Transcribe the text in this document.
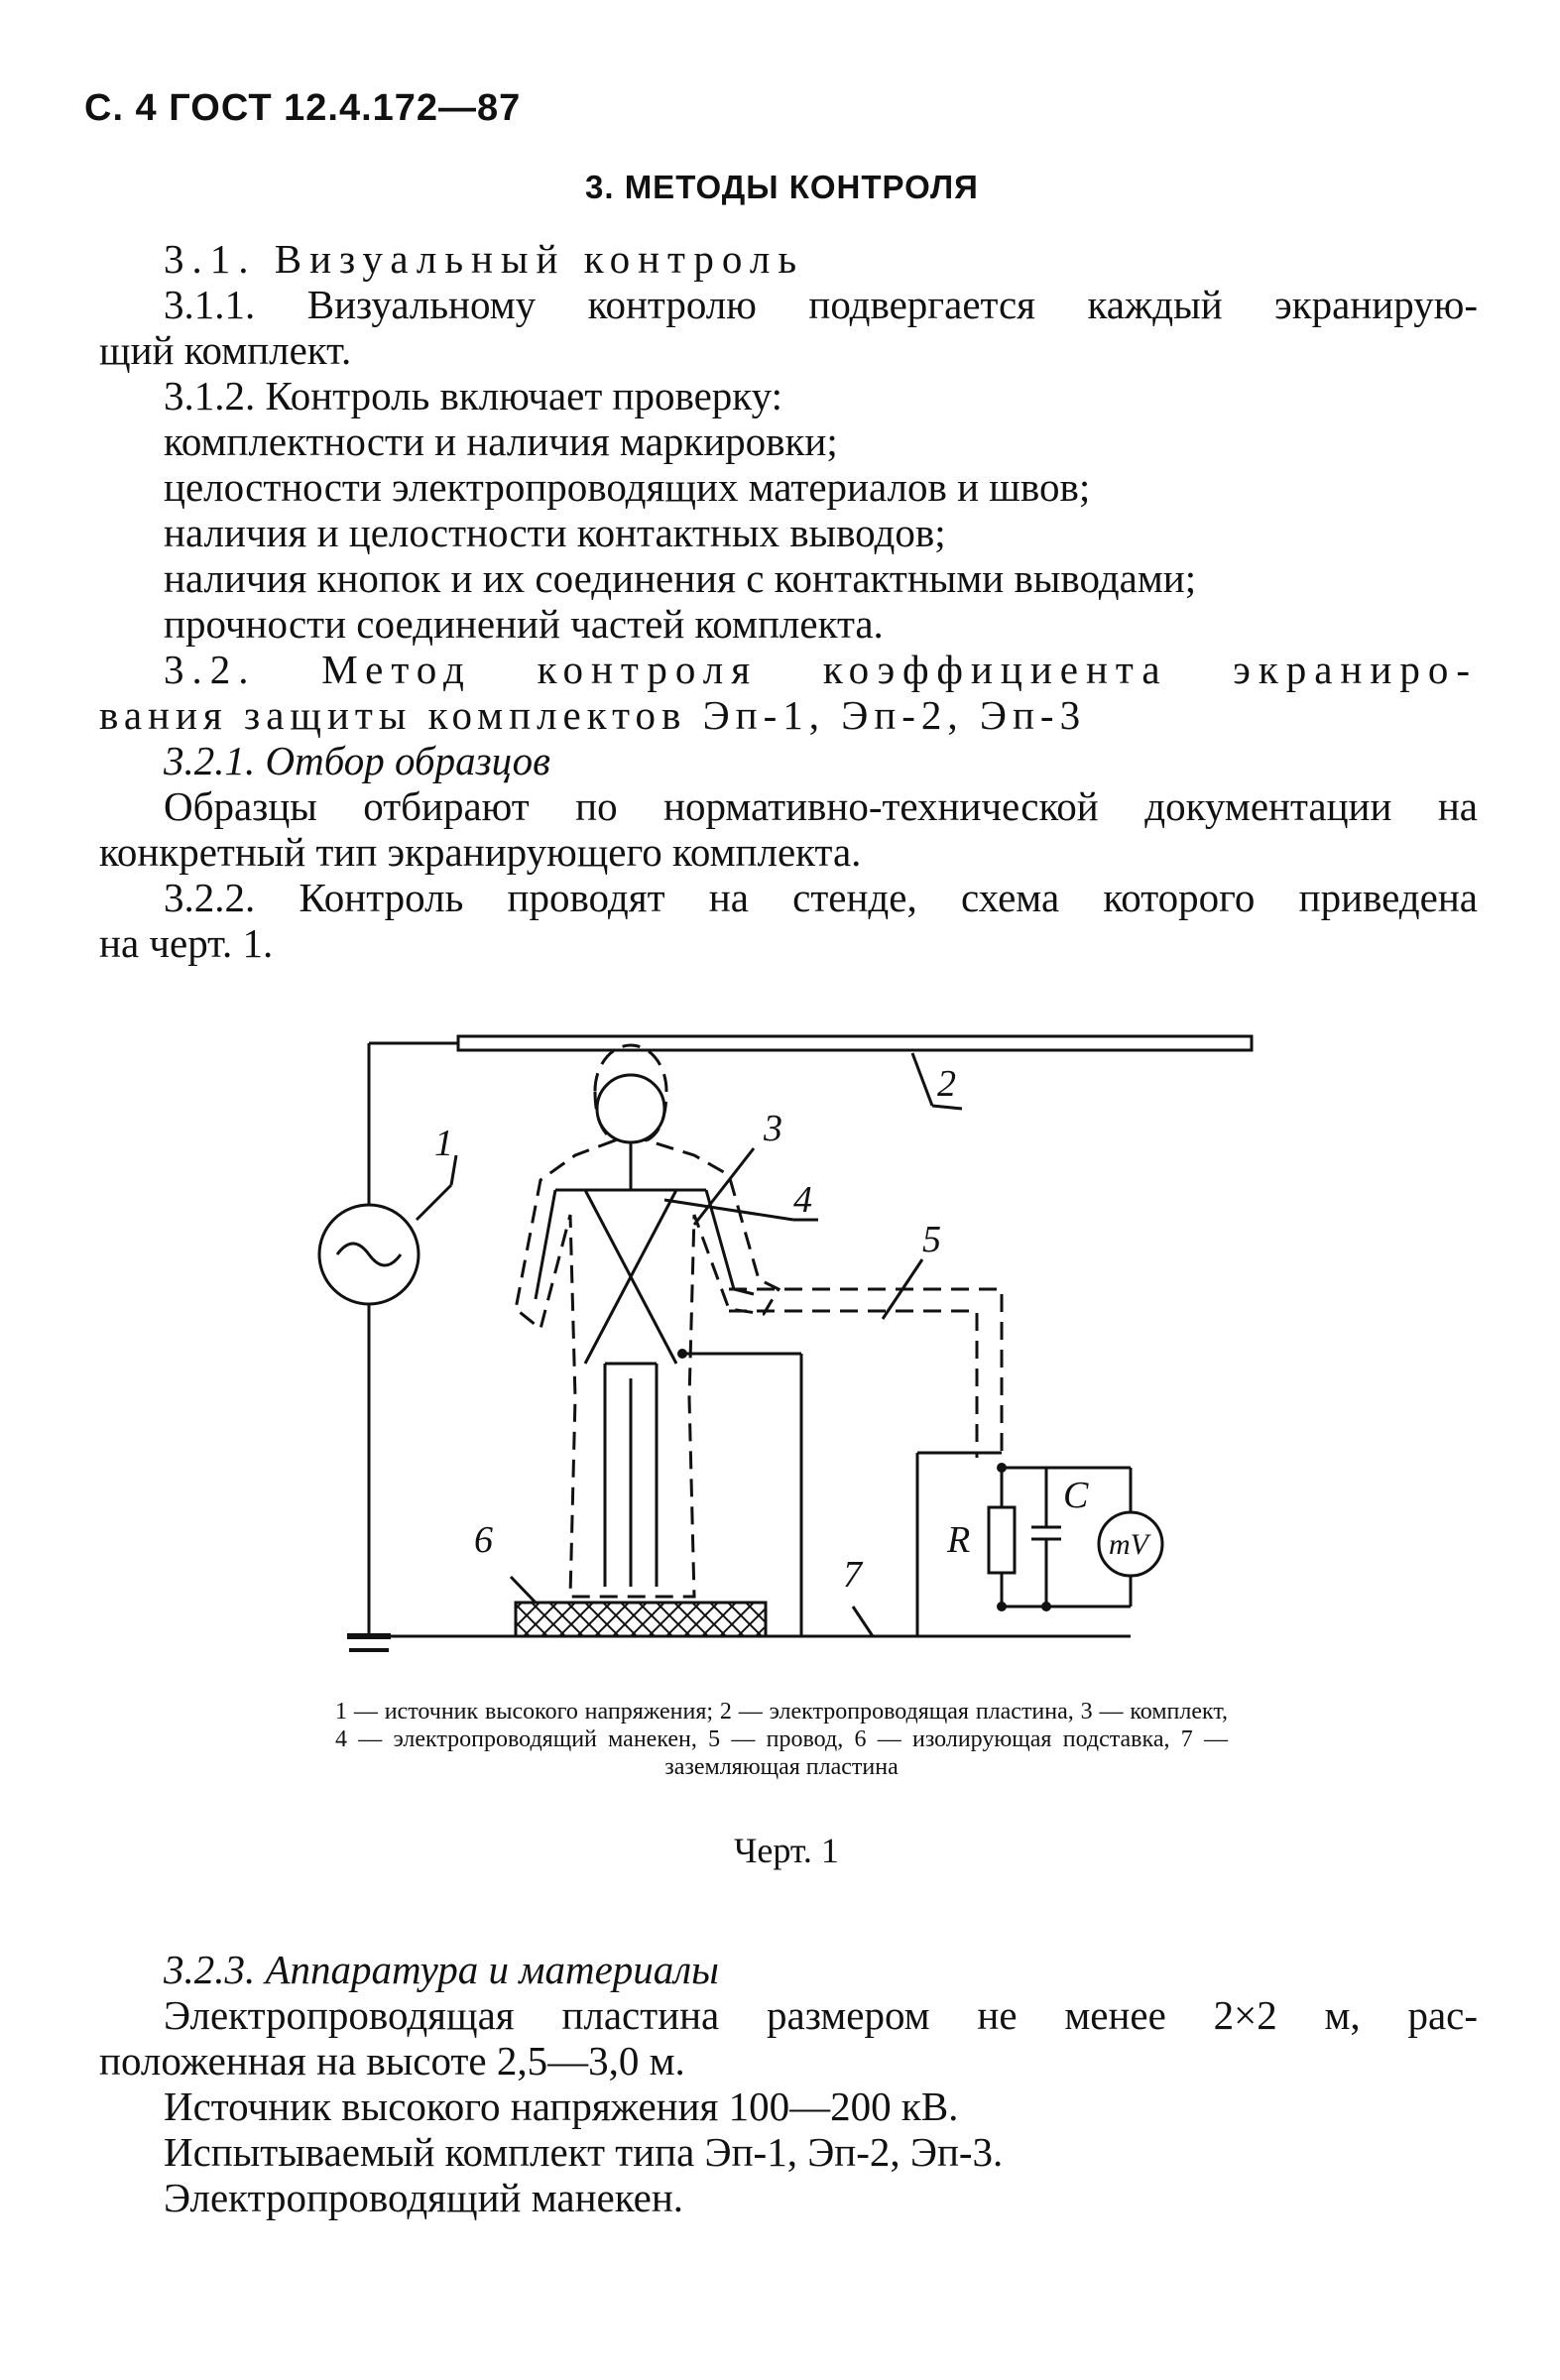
С. 4 ГОСТ 12.4.172—87
3. МЕТОДЫ КОНТРОЛЯ
3.1. Визуальный контроль
3.1.1. Визуальному контролю подвергается каждый экранирую-
щий комплект.
3.1.2. Контроль включает проверку:
комплектности и наличия маркировки;
целостности электропроводящих материалов и швов;
наличия и целостности контактных выводов;
наличия кнопок и их соединения с контактными выводами;
прочности соединений частей комплекта.
3.2. Метод контроля коэффициента экраниро-
вания защиты комплектов Эп-1, Эп-2, Эп-3
3.2.1. Отбор образцов
Образцы отбирают по нормативно-технической документации на
конкретный тип экранирующего комплекта.
3.2.2. Контроль проводят на стенде, схема которого приведена
на черт. 1.
1
2
3
4
5
6
7
R
C
mV
1 — источник высокого напряжения; 2 — электропроводящая пластина, 3 — комплект, 4 — электропроводящий манекен, 5 — провод, 6 — изолирующая подставка, 7 — заземляющая пластина
Черт. 1
3.2.3. Аппаратура и материалы
Электропроводящая пластина размером не менее 2×2 м, рас-
положенная на высоте 2,5—3,0 м.
Источник высокого напряжения 100—200 кВ.
Испытываемый комплект типа Эп-1, Эп-2, Эп-3.
Электропроводящий манекен.
